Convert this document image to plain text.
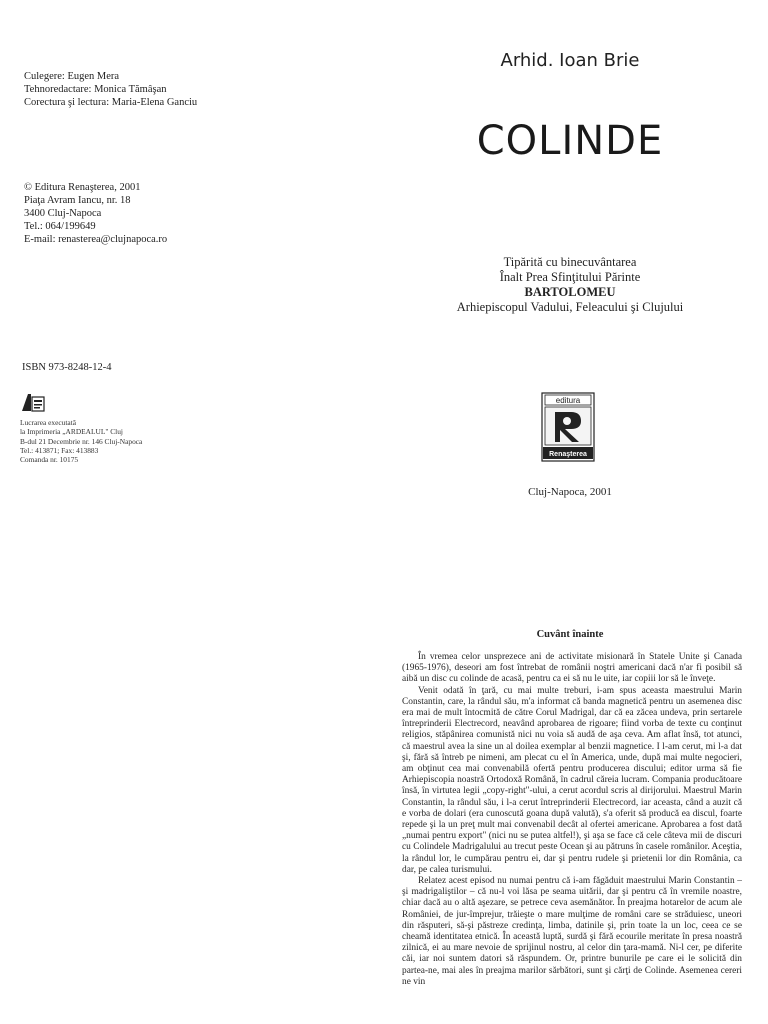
Culegere: Eugen Mera
Tehnoredactare: Monica Tămâşan
Corectura şi lectura: Maria-Elena Ganciu
© Editura Renaşterea, 2001
Piaţa Avram Iancu, nr. 18
3400 Cluj-Napoca
Tel.: 064/199649
E-mail: renasterea@clujnapoca.ro
ISBN 973-8248-12-4
Lucrarea executată
la Imprimeria „ARDEALUL" Cluj
B-dul 21 Decembrie nr. 146 Cluj-Napoca
Tel.: 413871; Fax: 413883
Comanda nr. 10175
Arhid. Ioan Brie
COLINDE
Tipărită cu binecuvântarea
Înalt Prea Sfinţitului Părinte
BARTOLOMEU
Arhiepiscopul Vadului, Feleacului şi Clujului
editura
Renaşterea
Cluj-Napoca, 2001
Cuvânt înainte

În vremea celor unsprezece ani de activitate misionară în Statele Unite şi Canada (1965-1976), deseori am fost întrebat de românii noştri americani dacă n'ar fi posibil să aibă un disc cu colinde de acasă, pentru ca ei să nu le uite, iar copiii lor să le înveţe.

Venit odată în ţară, cu mai multe treburi, i-am spus aceasta maestrului Marin Constantin, care, la rândul său, m'a informat că banda magnetică pentru un asemenea disc era mai de mult întocmită de către Corul Madrigal, dar că ea zăcea undeva, prin sertarele întreprinderii Electrecord, neavând aprobarea de rigoare; fiind vorba de texte cu conţinut religios, stăpânirea comunistă nici nu voia să audă de aşa ceva. Am aflat însă, tot atunci, că maestrul avea la sine un al doilea exemplar al benzii magnetice. I l-am cerut, mi l-a dat şi, fără să întreb pe nimeni, am plecat cu el în America, unde, după mai multe negocieri, am obţinut cea mai convenabilă ofertă pentru producerea discului; editor urma să fie Arhiepiscopia noastră Ortodoxă Română, în cadrul căreia lucram. Compania producătoare însă, în virtutea legii „copy-right"-ului, a cerut acordul scris al dirijorului. Maestrul Marin Constantin, la rândul său, i l-a cerut întreprinderii Electrecord, iar aceasta, când a auzit că e vorba de dolari (era cunoscută goana după valută), s'a oferit să producă ea discul, foarte repede şi la un preţ mult mai convenabil decât al ofertei americane. Aprobarea a fost dată „numai pentru export" (nici nu se putea altfel!), şi aşa se face că cele câteva mii de discuri cu Colindele Madrigalului au trecut peste Ocean şi au pătruns în casele românilor. Aceştia, la rândul lor, le cumpărau pentru ei, dar şi pentru rudele şi prietenii lor din România, ca dar, pe calea turismului.

Relatez acest episod nu numai pentru că i-am făgăduit maestrului Marin Constantin – şi madrigaliştilor – că nu-l voi lăsa pe seama uitării, dar şi pentru că în vremile noastre, chiar dacă au o altă aşezare, se petrece ceva asemănător. În preajma hotarelor de acum ale României, de jur-împrejur, trăieşte o mare mulţime de români care se străduiesc, uneori din răsputeri, să-şi păstreze credinţa, limba, datinile şi, prin toate la un loc, ceea ce se cheamă identitatea etnică. În această luptă, surdă şi fără ecourile meritate în presa noastră zilnică, ei au mare nevoie de sprijinul nostru, al celor din ţara-mamă. Ni-l cer, pe diferite căi, iar noi suntem datori să răspundem. Or, printre bunurile pe care ei le solicită din partea-ne, mai ales în preajma marilor sărbători, sunt şi cărţi de Colinde. Asemenea cereri ne vin
